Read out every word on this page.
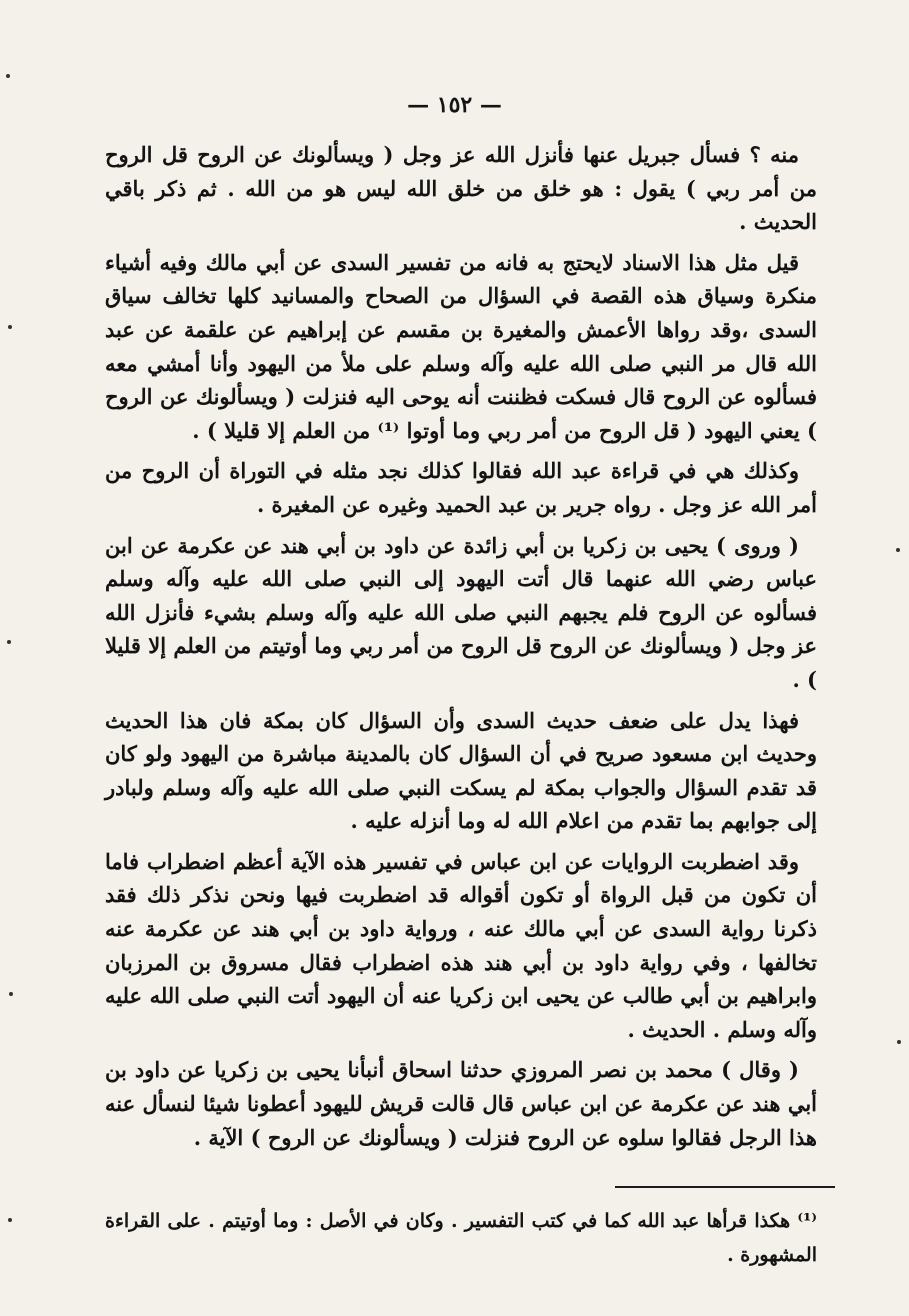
— ١٥٢ —

منه ؟ فسأل جبريل عنها فأنزل الله عز وجل ( ويسألونك عن الروح قل الروح من أمر ربي ) يقول : هو خلق من خلق الله ليس هو من الله . ثم ذكر باقي الحديث .

قيل مثل هذا الاسناد لايحتج به فانه من تفسير السدى عن أبي مالك وفيه أشياء منكرة وسياق هذه القصة في السؤال من الصحاح والمسانيد كلها تخالف سياق السدى ،وقد رواها الأعمش والمغيرة بن مقسم عن إبراهيم عن علقمة عن عبد الله قال مر النبي صلى الله عليه وآله وسلم على ملأ من اليهود وأنا أمشي معه فسألوه عن الروح قال فسكت فظننت أنه يوحى اليه فنزلت ( ويسألونك عن الروح ) يعني اليهود ( قل الروح من أمر ربي وما أوتوا ⁽¹⁾ من العلم إلا قليلا ) .

وكذلك هي في قراءة عبد الله فقالوا كذلك نجد مثله في التوراة أن الروح من أمر الله عز وجل . رواه جرير بن عبد الحميد وغيره عن المغيرة .

( وروى ) يحيى بن زكريا بن أبي زائدة عن داود بن أبي هند عن عكرمة عن ابن عباس رضي الله عنهما قال أتت اليهود إلى النبي صلى الله عليه وآله وسلم فسألوه عن الروح فلم يجبهم النبي صلى الله عليه وآله وسلم بشيء فأنزل الله عز وجل ( ويسألونك عن الروح قل الروح من أمر ربي وما أوتيتم من العلم إلا قليلا ) .

فهذا يدل على ضعف حديث السدى وأن السؤال كان بمكة فان هذا الحديث وحديث ابن مسعود صريح في أن السؤال كان بالمدينة مباشرة من اليهود ولو كان قد تقدم السؤال والجواب بمكة لم يسكت النبي صلى الله عليه وآله وسلم ولبادر إلى جوابهم بما تقدم من اعلام الله له وما أنزله عليه .

وقد اضطربت الروايات عن ابن عباس في تفسير هذه الآية أعظم اضطراب فاما أن تكون من قبل الرواة أو تكون أقواله قد اضطربت فيها ونحن نذكر ذلك فقد ذكرنا رواية السدى عن أبي مالك عنه ، ورواية داود بن أبي هند عن عكرمة عنه تخالفها ، وفي رواية داود بن أبي هند هذه اضطراب فقال مسروق بن المرزبان وابراهيم بن أبي طالب عن يحيى ابن زكريا عنه أن اليهود أتت النبي صلى الله عليه وآله وسلم . الحديث .

( وقال ) محمد بن نصر المروزي حدثنا اسحاق أنبأنا يحيى بن زكريا عن داود بن أبي هند عن عكرمة عن ابن عباس قال قالت قريش لليهود أعطونا شيئا لنسأل عنه هذا الرجل فقالوا سلوه عن الروح فنزلت ( ويسألونك عن الروح ) الآية .

⁽¹⁾ هكذا قرأها عبد الله كما في كتب التفسير . وكان في الأصل : وما أوتيتم . على القراءة المشهورة .
